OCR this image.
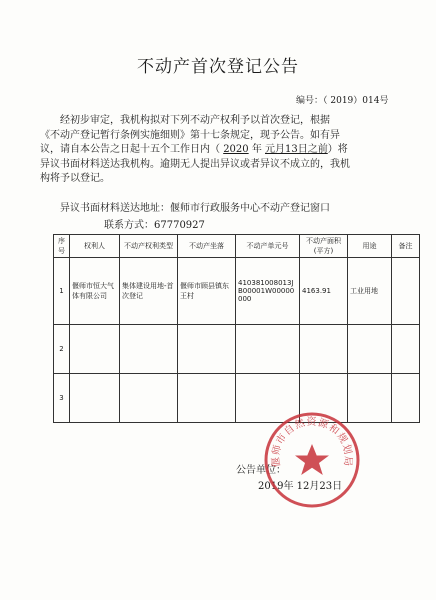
不动产首次登记公告
编号：（ 2019）014号
经初步审定，我机构拟对下列不动产权利予以首次登记，根据
《不动产登记暂行条例实施细则》第十七条规定，现予公告。如有异
议，请自本公告之日起十五个工作日内（ 2020 年 元月13日之前）将
异议书面材料送达我机构。逾期无人提出异议或者异议不成立的，我机
构将予以登记。
异议书面材料送达地址：偃师市行政服务中心不动产登记窗口
联系方式：67770927
序号	权利人	不动产权利类型	不动产坐落	不动产单元号	不动产面积(平方)	用途	备注
1	偃师市恒大气体有限公司	集体建设用地-首次登记	偃师市顾县镇东王村	410381008013JB00001W00000000	4163.91	工业用地	
2							
3							
公告单位：
2019年 12月23日
偃师市自然资源和规划局
